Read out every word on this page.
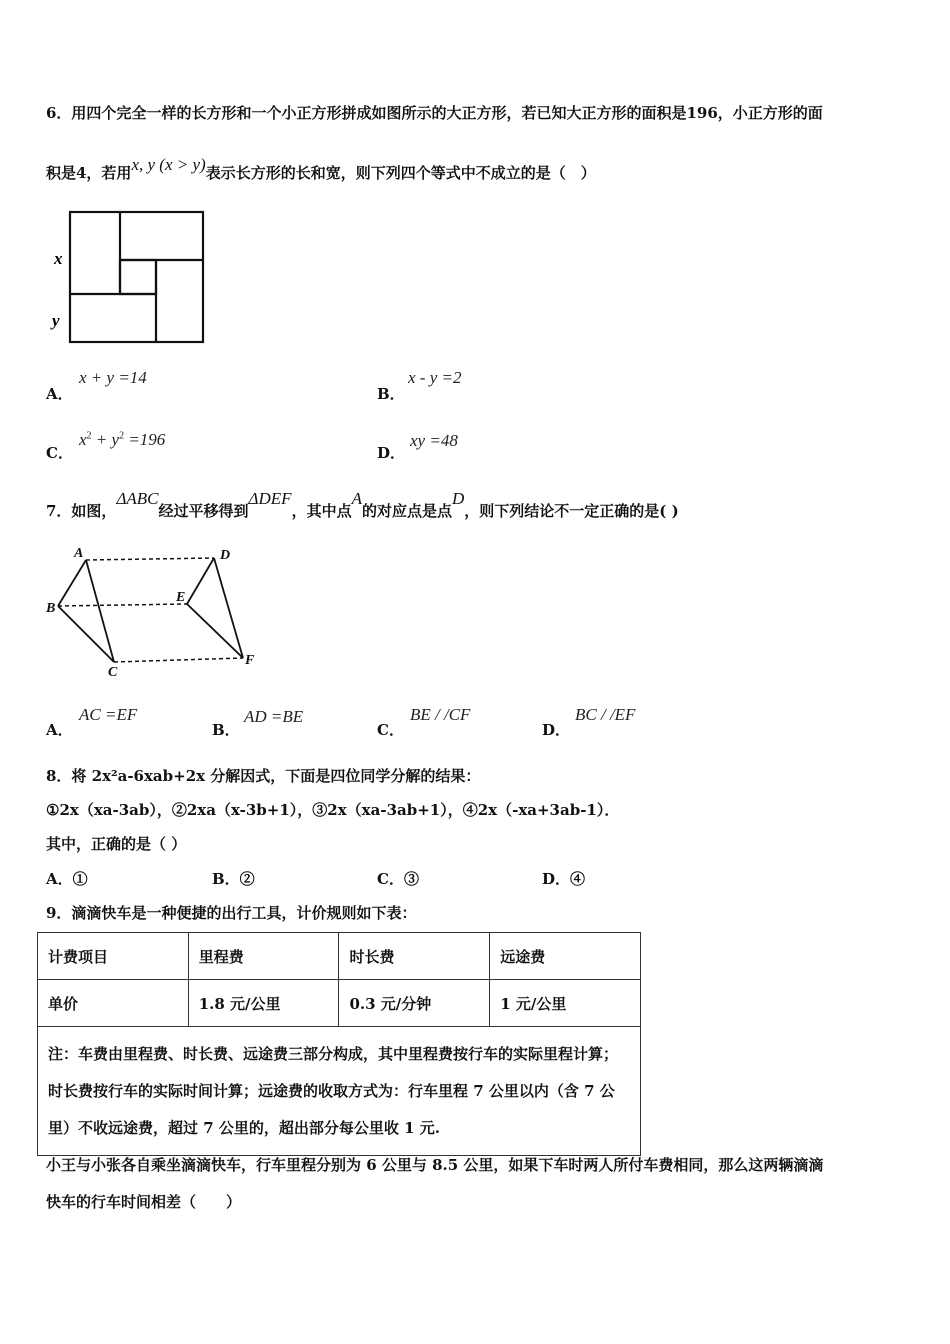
6．用四个完全一样的长方形和一个小正方形拼成如图所示的大正方形，若已知大正方形的面积是196，小正方形的面
积是4，若用x, y (x > y)表示长方形的长和宽，则下列四个等式中不成立的是（　）
x
y
A．
x + y =14
B．
x - y =2
C．
$x^2 + y^2 =196$
D．
xy =48
7．如图，ΔABC经过平移得到ΔDEF，其中点A的对应点是点D，则下列结论不一定正确的是( )
A
B
C
D
E
F
A．
AC =EF
B．
AD =BE
C．
BE / /CF
D．
BC / /EF
8．将 2x²a-6xab+2x 分解因式，下面是四位同学分解的结果：
①2x（xa-3ab），②2xa（x-3b+1），③2x（xa-3ab+1），④2x（-xa+3ab-1）．
其中，正确的是（ ）
A．①	B．②	C．③	D．④
9．滴滴快车是一种便捷的出行工具，计价规则如下表：
计费项目	里程费	时长费	远途费
单价	1.8 元/公里	0.3 元/分钟	1 元/公里
注：车费由里程费、时长费、远途费三部分构成，其中里程费按行车的实际里程计算；时长费按行车的实际时间计算；远途费的收取方式为：行车里程 7 公里以内（含 7 公里）不收远途费，超过 7 公里的，超出部分每公里收 1 元.			
小王与小张各自乘坐滴滴快车，行车里程分别为 6 公里与 8.5 公里，如果下车时两人所付车费相同，那么这两辆滴滴
快车的行车时间相差（　　）
